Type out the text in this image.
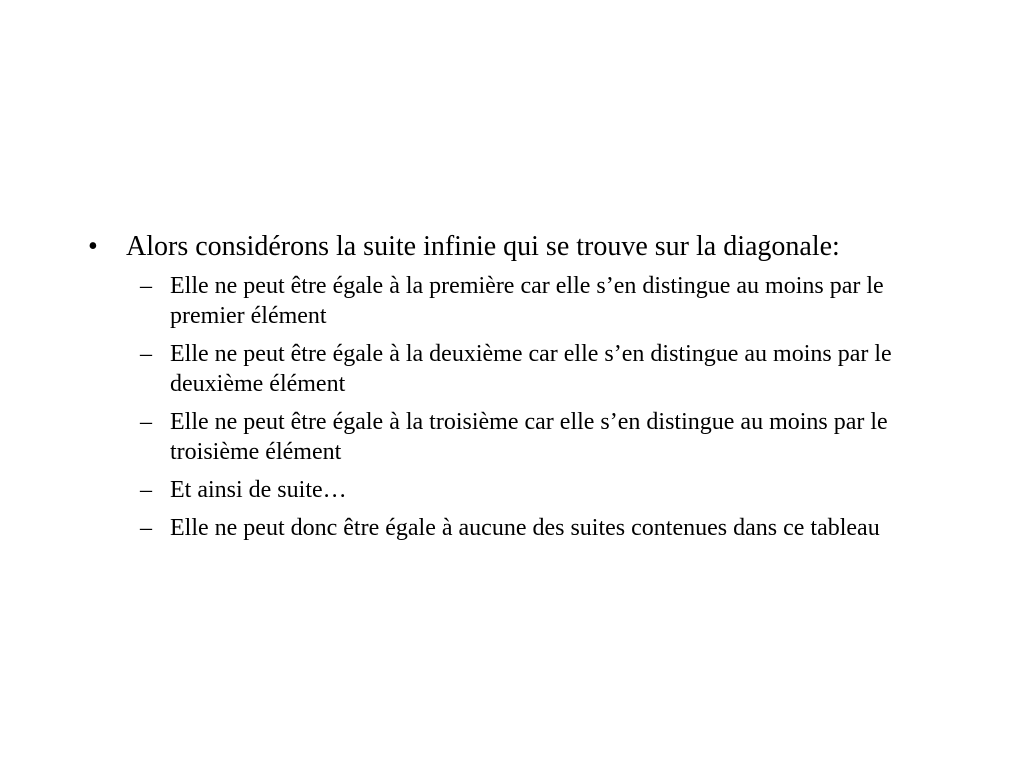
•	Alors considérons la suite infinie qui se trouve sur la diagonale:
– Elle ne peut être égale à la première car elle s’en distingue au moins par le premier élément
– Elle ne peut être égale à la deuxième car elle s’en distingue au moins par le deuxième élément
– Elle ne peut être égale à la troisième car elle s’en distingue au moins par le troisième élément
– Et ainsi de suite…
– Elle ne peut donc être égale à aucune des suites contenues dans ce tableau
